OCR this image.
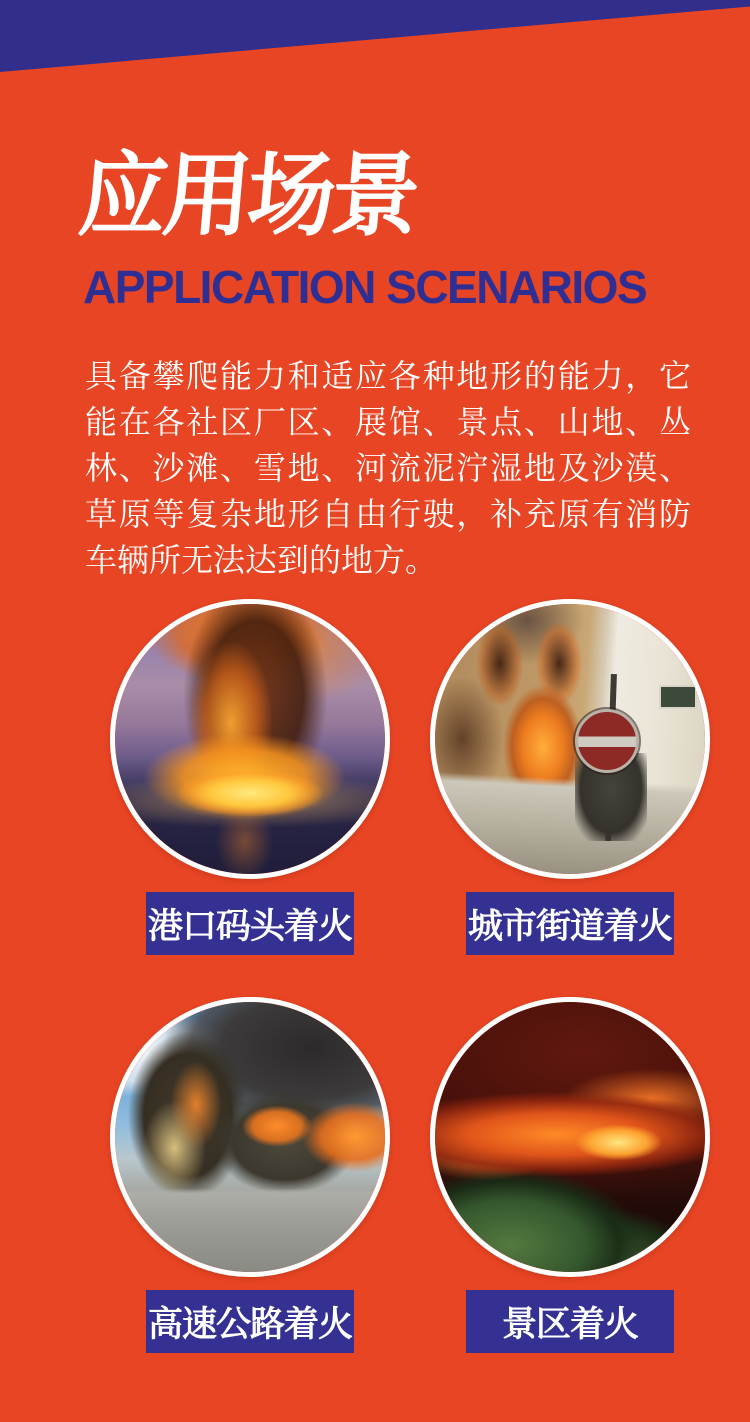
应用场景
APPLICATION SCENARIOS

具备攀爬能力和适应各种地形的能力，它能在各社区厂区、展馆、景点、山地、丛林、沙滩、雪地、河流泥泞湿地及沙漠、草原等复杂地形自由行驶，补充原有消防车辆所无法达到的地方。

港口码头着火	城市街道着火
高速公路着火	景区着火
